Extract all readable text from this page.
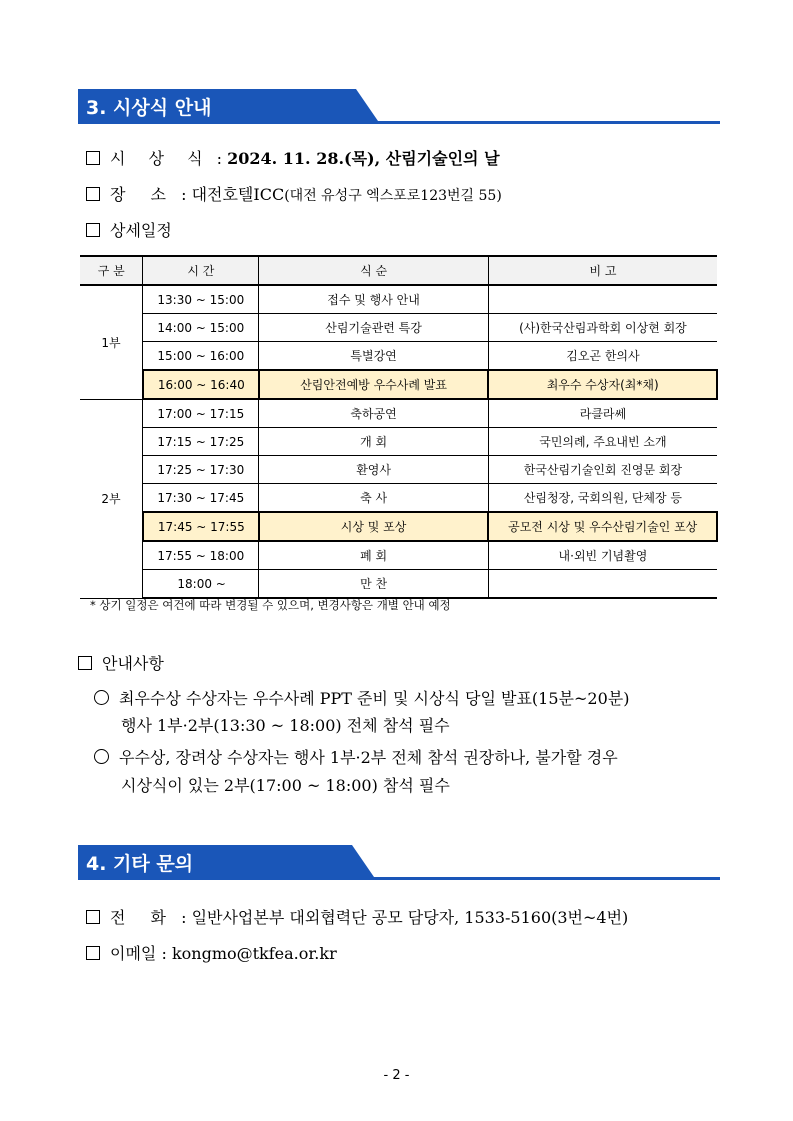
3. 시상식 안내
시 상 식 : 2024. 11. 28.(목), 산림기술인의 날
장 소 : 대전호텔ICC(대전 유성구 엑스포로123번길 55)
상세일정
구 분	시 간	식 순	비 고
1부	13:30 ~ 15:00	접수 및 행사 안내	
	14:00 ~ 15:00	산림기술관련 특강	(사)한국산림과학회 이상현 회장
	15:00 ~ 16:00	특별강연	김오곤 한의사
	16:00 ~ 16:40	산림안전예방 우수사례 발표	최우수 수상자(최*채)
2부	17:00 ~ 17:15	축하공연	라클라쎄
	17:15 ~ 17:25	개 회	국민의례, 주요내빈 소개
	17:25 ~ 17:30	환영사	한국산림기술인회 진영문 회장
	17:30 ~ 17:45	축 사	산림청장, 국회의원, 단체장 등
	17:45 ~ 17:55	시상 및 포상	공모전 시상 및 우수산림기술인 포상
	17:55 ~ 18:00	폐 회	내·외빈 기념촬영
	18:00 ~	만 찬	
* 상기 일정은 여건에 따라 변경될 수 있으며, 변경사항은 개별 안내 예정
안내사항
최우수상 수상자는 우수사례 PPT 준비 및 시상식 당일 발표(15분~20분)
행사 1부·2부(13:30 ~ 18:00) 전체 참석 필수
우수상, 장려상 수상자는 행사 1부·2부 전체 참석 권장하나, 불가할 경우
시상식이 있는 2부(17:00 ~ 18:00) 참석 필수
4. 기타 문의
전 화 : 일반사업본부 대외협력단 공모 담당자, 1533-5160(3번~4번)
이메일 : kongmo@tkfea.or.kr
- 2 -
